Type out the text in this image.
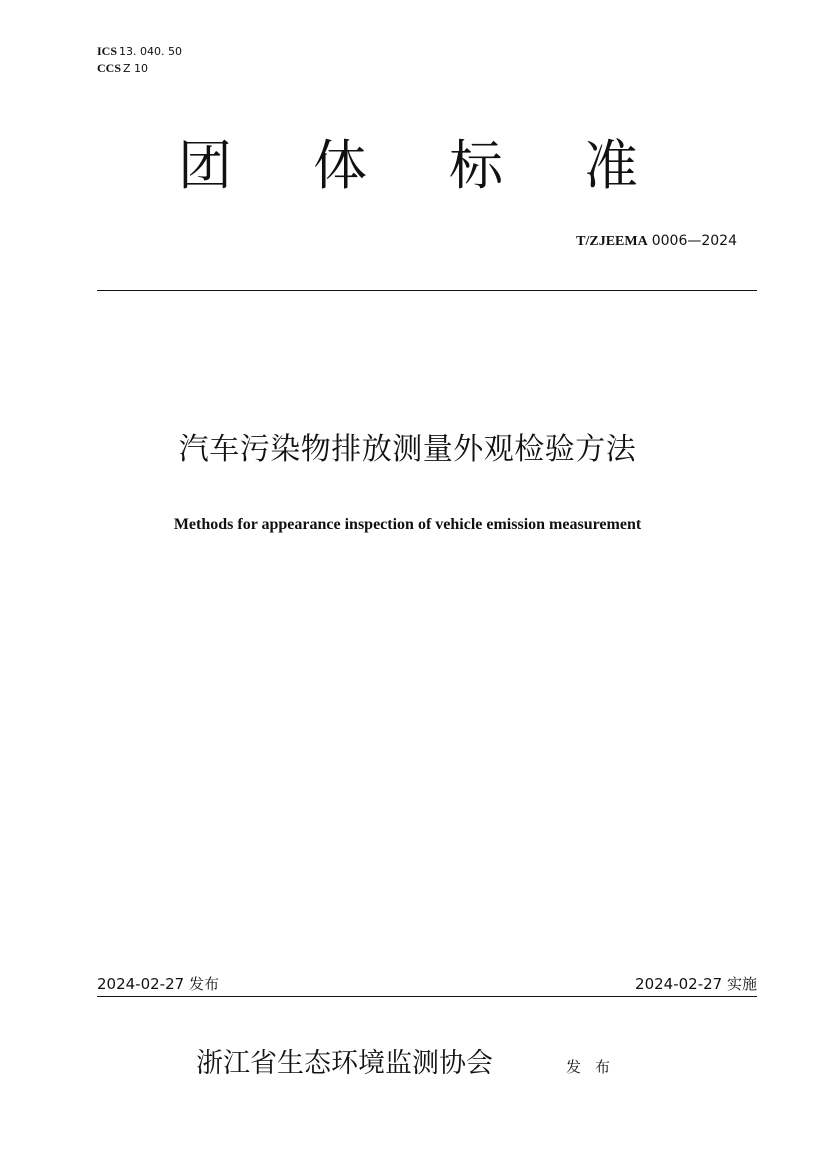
ICS 13. 040. 50
CCS Z 10
团 体 标 准
T/ZJEEMA 0006—2024
汽车污染物排放测量外观检验方法
Methods for appearance inspection of vehicle emission measurement
2024-02-27 发布	2024-02-27 实施
浙江省生态环境监测协会	发布
